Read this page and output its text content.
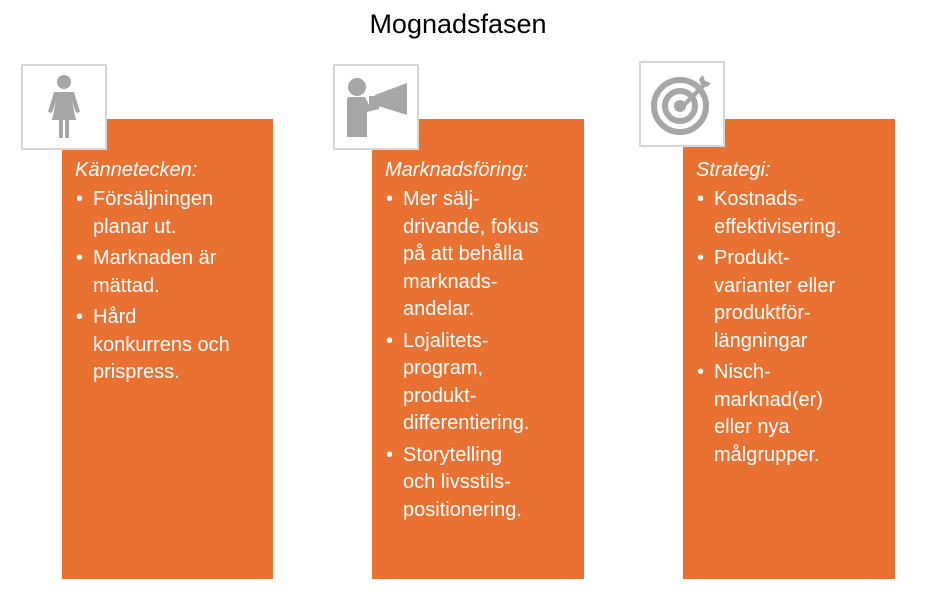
Mognadsfasen
Kännetecken:
• Försäljningen
planar ut.
• Marknaden är
mättad.
• Hård
konkurrens och
prispress.
Marknadsföring:
• Mer sälj-
drivande, fokus
på att behålla
marknads-
andelar.
• Lojalitets-
program,
produkt-
differentiering.
• Storytelling
och livsstils-
positionering.
Strategi:
• Kostnads-
effektivisering.
• Produkt-
varianter eller
produktför-
längningar
• Nisch-
marknad(er)
eller nya
målgrupper.
